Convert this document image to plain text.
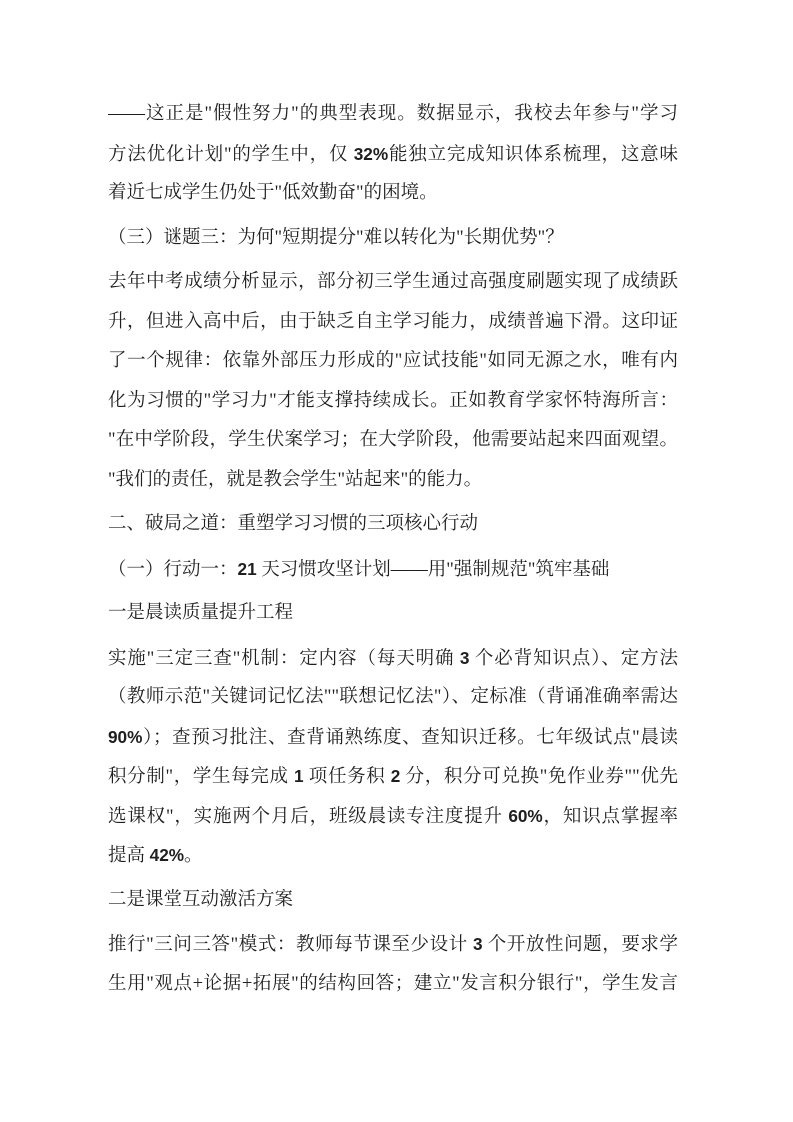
——这正是"假性努力"的典型表现。数据显示，我校去年参与"学习
方法优化计划"的学生中，仅 32%能独立完成知识体系梳理，这意味
着近七成学生仍处于"低效勤奋"的困境。
（三）谜题三：为何"短期提分"难以转化为"长期优势"？
去年中考成绩分析显示，部分初三学生通过高强度刷题实现了成绩跃
升，但进入高中后，由于缺乏自主学习能力，成绩普遍下滑。这印证
了一个规律：依靠外部压力形成的"应试技能"如同无源之水，唯有内
化为习惯的"学习力"才能支撑持续成长。正如教育学家怀特海所言：
"在中学阶段，学生伏案学习；在大学阶段，他需要站起来四面观望。
"我们的责任，就是教会学生"站起来"的能力。
二、破局之道：重塑学习习惯的三项核心行动
（一）行动一：21 天习惯攻坚计划——用"强制规范"筑牢基础
一是晨读质量提升工程
实施"三定三查"机制：定内容（每天明确 3 个必背知识点）、定方法
（教师示范"关键词记忆法""联想记忆法"）、定标准（背诵准确率需达
90%）；查预习批注、查背诵熟练度、查知识迁移。七年级试点"晨读
积分制"，学生每完成 1 项任务积 2 分，积分可兑换"免作业券""优先
选课权"，实施两个月后，班级晨读专注度提升 60%，知识点掌握率
提高 42%。
二是课堂互动激活方案
推行"三问三答"模式：教师每节课至少设计 3 个开放性问题，要求学
生用"观点+论据+拓展"的结构回答；建立"发言积分银行"，学生发言
